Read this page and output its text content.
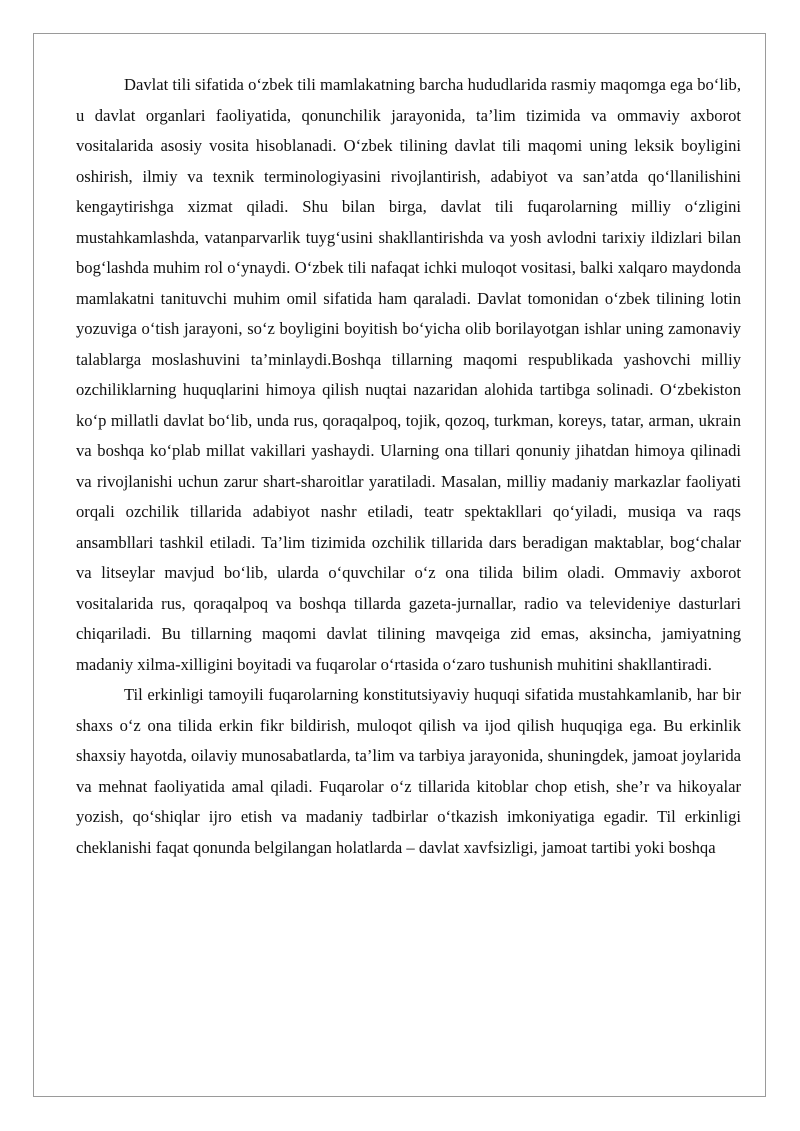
Davlat tili sifatida o‘zbek tili mamlakatning barcha hududlarida rasmiy maqomga ega bo‘lib, u davlat organlari faoliyatida, qonunchilik jarayonida, ta’lim tizimida va ommaviy axborot vositalarida asosiy vosita hisoblanadi. O‘zbek tilining davlat tili maqomi uning leksik boyligini oshirish, ilmiy va texnik terminologiyasini rivojlantirish, adabiyot va san’atda qo‘llanilishini kengaytirishga xizmat qiladi. Shu bilan birga, davlat tili fuqarolarning milliy o‘zligini mustahkamlashda, vatanparvarlik tuyg‘usini shakllantirishda va yosh avlodni tarixiy ildizlari bilan bog‘lashda muhim rol o‘ynaydi. O‘zbek tili nafaqat ichki muloqot vositasi, balki xalqaro maydonda mamlakatni tanituvchi muhim omil sifatida ham qaraladi. Davlat tomonidan o‘zbek tilining lotin yozuviga o‘tish jarayoni, so‘z boyligini boyitish bo‘yicha olib borilayotgan ishlar uning zamonaviy talablarga moslashuvini ta’minlaydi.Boshqa tillarning maqomi respublikada yashovchi milliy ozchiliklarning huquqlarini himoya qilish nuqtai nazaridan alohida tartibga solinadi. O‘zbekiston ko‘p millatli davlat bo‘lib, unda rus, qoraqalpoq, tojik, qozoq, turkman, koreys, tatar, arman, ukrain va boshqa ko‘plab millat vakillari yashaydi. Ularning ona tillari qonuniy jihatdan himoya qilinadi va rivojlanishi uchun zarur shart-sharoitlar yaratiladi. Masalan, milliy madaniy markazlar faoliyati orqali ozchilik tillarida adabiyot nashr etiladi, teatr spektakllari qo‘yiladi, musiqa va raqs ansambllari tashkil etiladi. Ta’lim tizimida ozchilik tillarida dars beradigan maktablar, bog‘chalar va litseylar mavjud bo‘lib, ularda o‘quvchilar o‘z ona tilida bilim oladi. Ommaviy axborot vositalarida rus, qoraqalpoq va boshqa tillarda gazeta-jurnallar, radio va televideniye dasturlari chiqariladi. Bu tillarning maqomi davlat tilining mavqeiga zid emas, aksincha, jamiyatning madaniy xilma-xilligini boyitadi va fuqarolar o‘rtasida o‘zaro tushunish muhitini shakllantiradi.

Til erkinligi tamoyili fuqarolarning konstitutsiyaviy huquqi sifatida mustahkamlanib, har bir shaxs o‘z ona tilida erkin fikr bildirish, muloqot qilish va ijod qilish huquqiga ega. Bu erkinlik shaxsiy hayotda, oilaviy munosabatlarda, ta’lim va tarbiya jarayonida, shuningdek, jamoat joylarida va mehnat faoliyatida amal qiladi. Fuqarolar o‘z tillarida kitoblar chop etish, she’r va hikoyalar yozish, qo‘shiqlar ijro etish va madaniy tadbirlar o‘tkazish imkoniyatiga egadir. Til erkinligi cheklanishi faqat qonunda belgilangan holatlarda – davlat xavfsizligi, jamoat tartibi yoki boshqa
